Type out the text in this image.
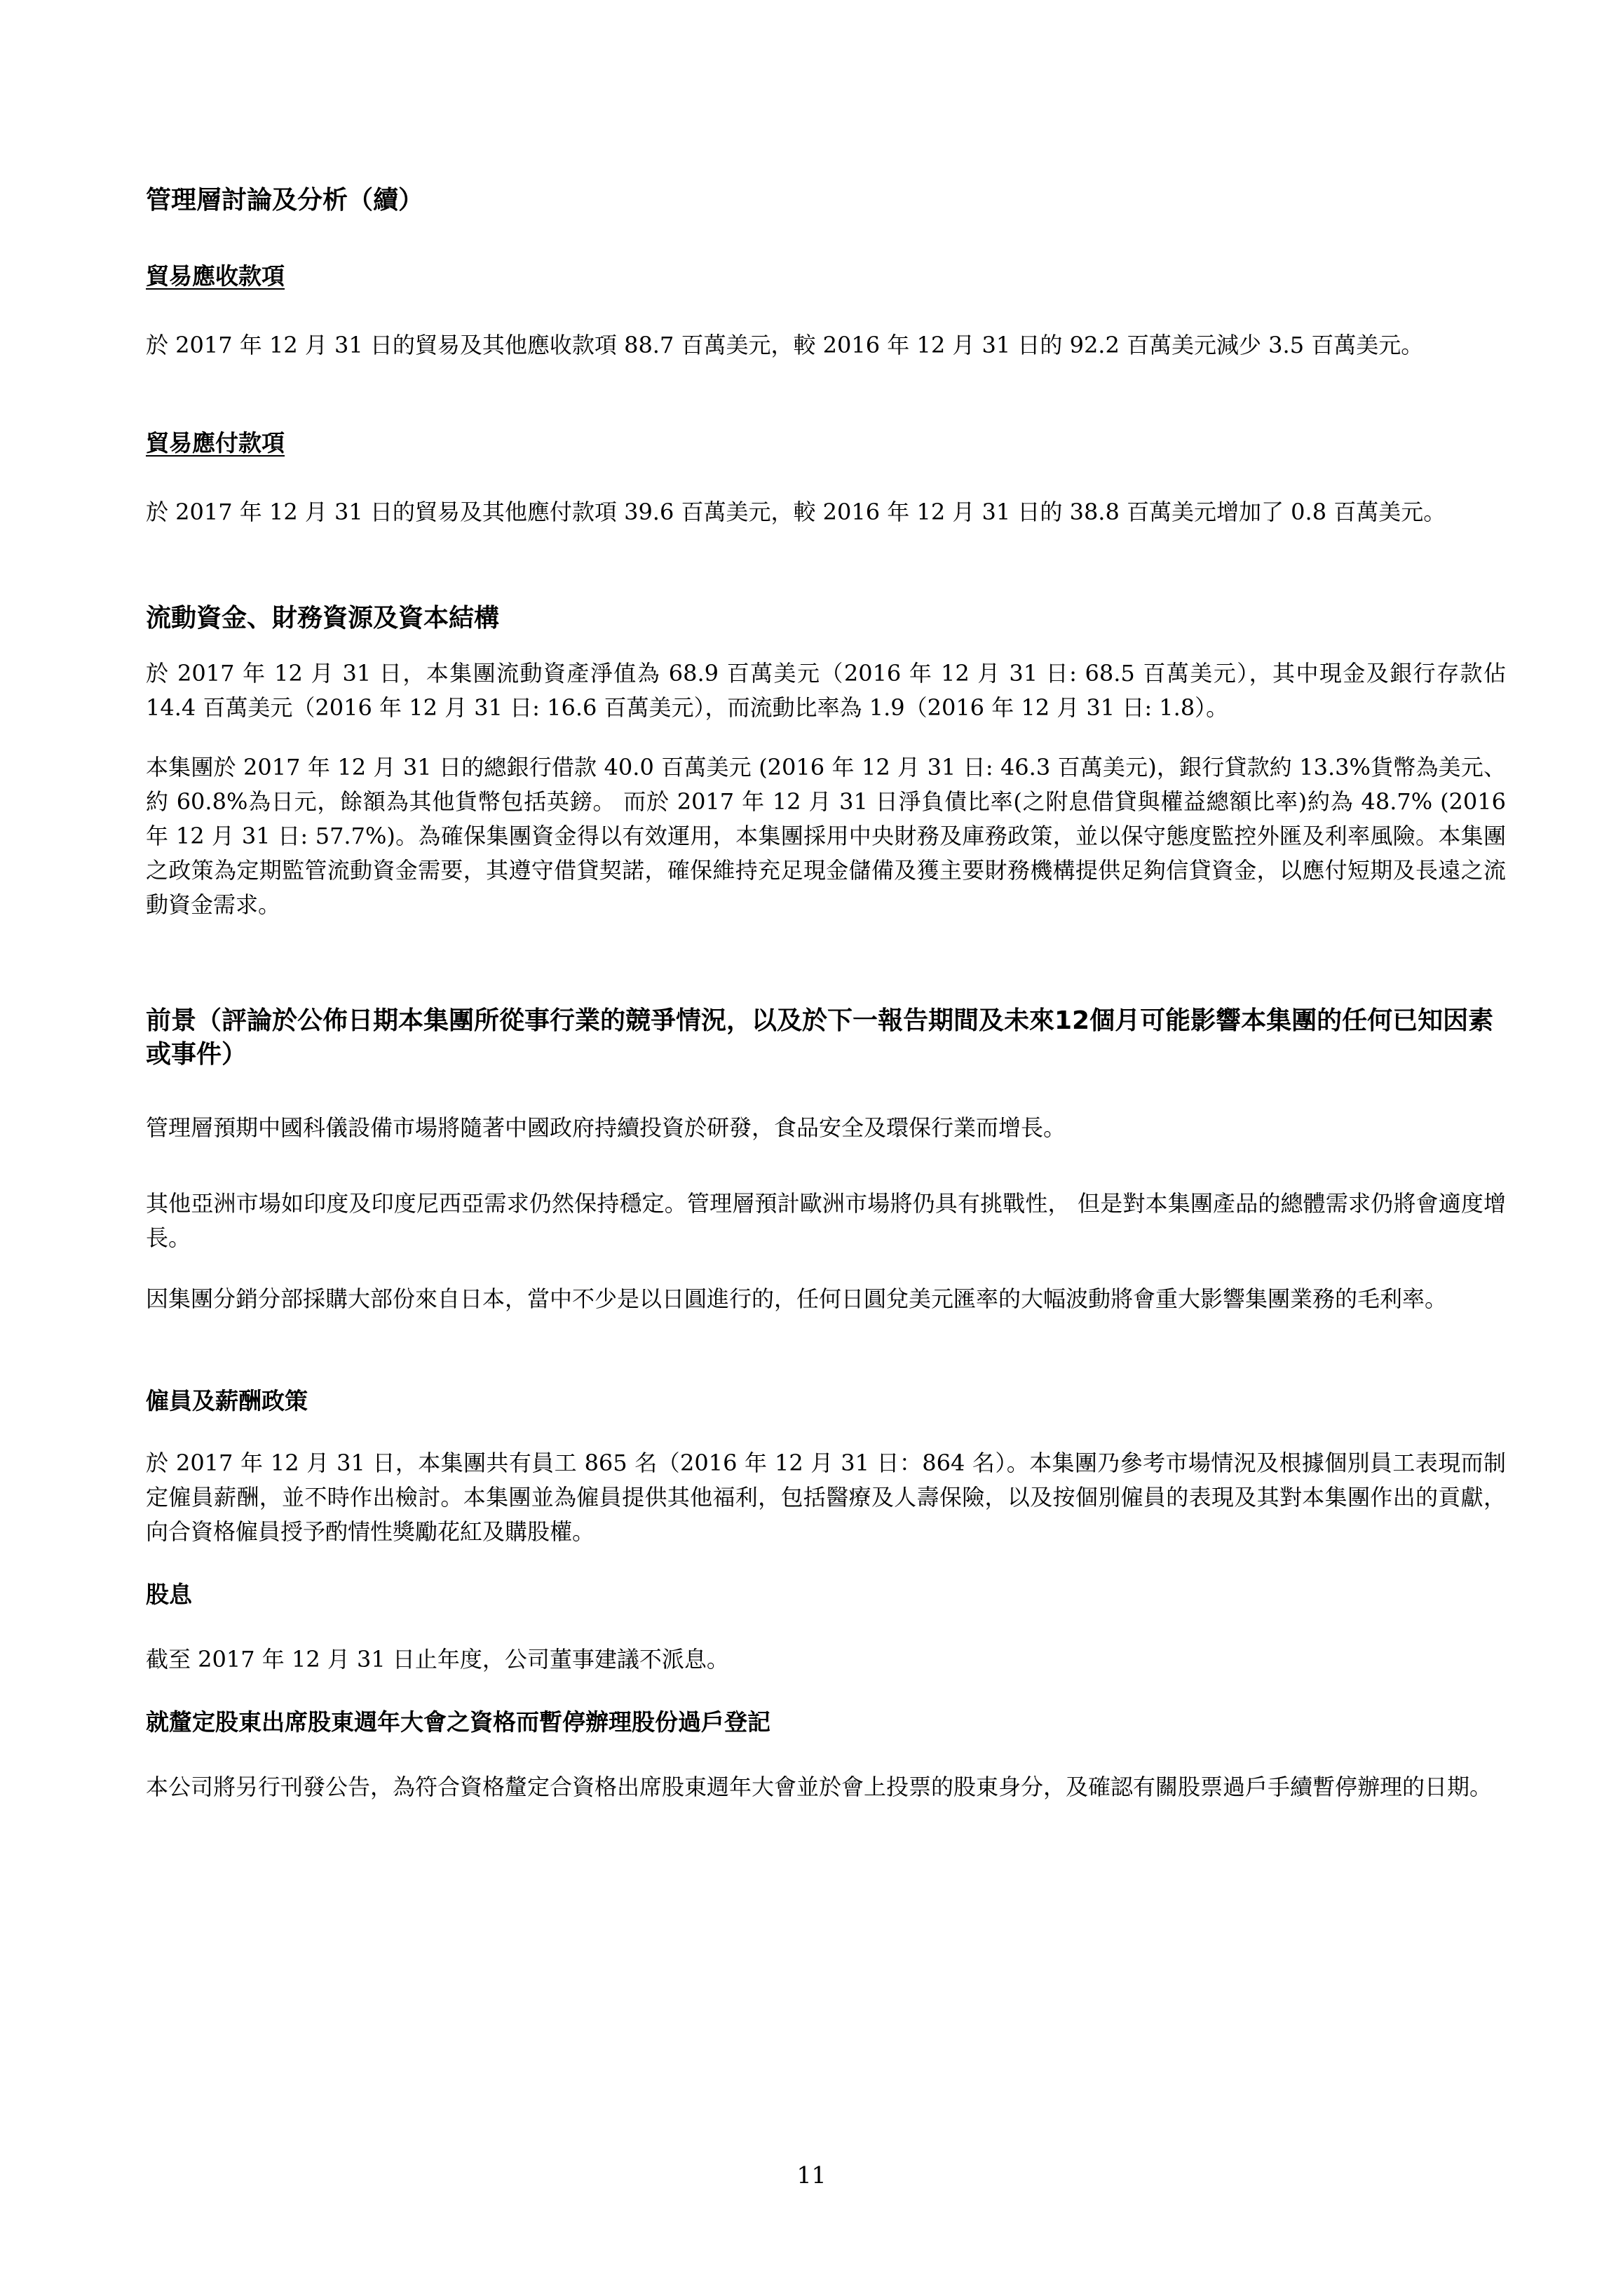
管理層討論及分析（續）
貿易應收款項

於 2017 年 12 月 31 日的貿易及其他應收款項 88.7 百萬美元，較 2016 年 12 月 31 日的 92.2 百萬美元減少 3.5 百萬美元。

貿易應付款項

於 2017 年 12 月 31 日的貿易及其他應付款項 39.6 百萬美元，較 2016 年 12 月 31 日的 38.8 百萬美元增加了 0.8 百萬美元。

流動資金、財務資源及資本結構

於 2017 年 12 月 31 日，本集團流動資產淨值為 68.9 百萬美元（2016 年 12 月 31 日: 68.5 百萬美元），其中現金及銀行存款佔 14.4 百萬美元（2016 年 12 月 31 日: 16.6 百萬美元），而流動比率為 1.9（2016 年 12 月 31 日: 1.8）。

本集團於 2017 年 12 月 31 日的總銀行借款 40.0 百萬美元 (2016 年 12 月 31 日: 46.3 百萬美元)，銀行貸款約 13.3%貨幣為美元、約 60.8%為日元，餘額為其他貨幣包括英鎊。 而於 2017 年 12 月 31 日淨負債比率(之附息借貸與權益總額比率)約為 48.7% (2016 年 12 月 31 日: 57.7%)。為確保集團資金得以有效運用，本集團採用中央財務及庫務政策，並以保守態度監控外匯及利率風險。本集團之政策為定期監管流動資金需要，其遵守借貸契諾，確保維持充足現金儲備及獲主要財務機構提供足夠信貸資金，以應付短期及長遠之流動資金需求。

前景（評論於公佈日期本集團所從事行業的競爭情況，以及於下一報告期間及未來12個月可能影響本集團的任何已知因素或事件）

管理層預期中國科儀設備市場將隨著中國政府持續投資於研發，食品安全及環保行業而增長。

其他亞洲市場如印度及印度尼西亞需求仍然保持穩定。管理層預計歐洲市場將仍具有挑戰性， 但是對本集團產品的總體需求仍將會適度增長。

因集團分銷分部採購大部份來自日本，當中不少是以日圓進行的，任何日圓兌美元匯率的大幅波動將會重大影響集團業務的毛利率。

僱員及薪酬政策

於 2017 年 12 月 31 日，本集團共有員工 865 名（2016 年 12 月 31 日：864 名）。本集團乃參考市場情況及根據個別員工表現而制定僱員薪酬，並不時作出檢討。本集團並為僱員提供其他福利，包括醫療及人壽保險，以及按個別僱員的表現及其對本集團作出的貢獻，向合資格僱員授予酌情性獎勵花紅及購股權。

股息

截至 2017 年 12 月 31 日止年度，公司董事建議不派息。

就釐定股東出席股東週年大會之資格而暫停辦理股份過戶登記

本公司將另行刊發公告，為符合資格釐定合資格出席股東週年大會並於會上投票的股東身分，及確認有關股票過戶手續暫停辦理的日期。

11
